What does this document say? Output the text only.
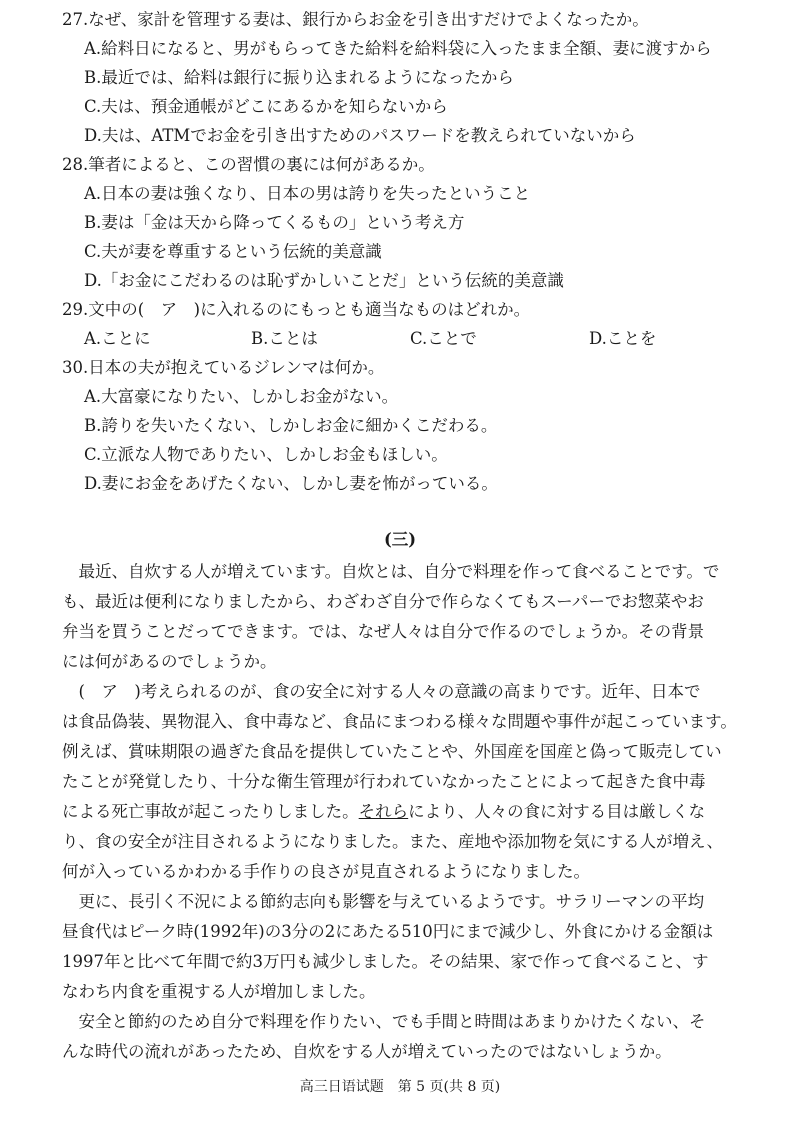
27.なぜ、家計を管理する妻は、銀行からお金を引き出すだけでよくなったか。
A.給料日になると、男がもらってきた給料を給料袋に入ったまま全額、妻に渡すから
B.最近では、給料は銀行に振り込まれるようになったから
C.夫は、預金通帳がどこにあるかを知らないから
D.夫は、ATMでお金を引き出すためのパスワードを教えられていないから
28.筆者によると、この習慣の裏には何があるか。
A.日本の妻は強くなり、日本の男は誇りを失ったということ
B.妻は「金は天から降ってくるもの」という考え方
C.夫が妻を尊重するという伝統的美意識
D.「お金にこだわるのは恥ずかしいことだ」という伝統的美意識
29.文中の(　ア　)に入れるのにもっとも適当なものはどれか。
A.ことに	B.ことは	C.ことで	D.ことを
30.日本の夫が抱えているジレンマは何か。
A.大富豪になりたい、しかしお金がない。
B.誇りを失いたくない、しかしお金に細かくこだわる。
C.立派な人物でありたい、しかしお金もほしい。
D.妻にお金をあげたくない、しかし妻を怖がっている。
(三)
　最近、自炊する人が増えています。自炊とは、自分で料理を作って食べることです。で
も、最近は便利になりましたから、わざわざ自分で作らなくてもスーパーでお惣菜やお
弁当を買うことだってできます。では、なぜ人々は自分で作るのでしょうか。その背景
には何があるのでしょうか。
　(　ア　)考えられるのが、食の安全に対する人々の意識の高まりです。近年、日本で
は食品偽装、異物混入、食中毒など、食品にまつわる様々な問題や事件が起こっています。
例えば、賞味期限の過ぎた食品を提供していたことや、外国産を国産と偽って販売してい
たことが発覚したり、十分な衛生管理が行われていなかったことによって起きた食中毒
による死亡事故が起こったりしました。それらにより、人々の食に対する目は厳しくな
り、食の安全が注目されるようになりました。また、産地や添加物を気にする人が増え、
何が入っているかわかる手作りの良さが見直されるようになりました。
　更に、長引く不況による節約志向も影響を与えているようです。サラリーマンの平均
昼食代はピーク時(1992年)の3分の2にあたる510円にまで減少し、外食にかける金額は
1997年と比べて年間で約3万円も減少しました。その結果、家で作って食べること、す
なわち内食を重視する人が増加しました。
　安全と節約のため自分で料理を作りたい、でも手間と時間はあまりかけたくない、そ
んな時代の流れがあったため、自炊をする人が増えていったのではないしょうか。
高三日语试题　第 5 页(共 8 页)
